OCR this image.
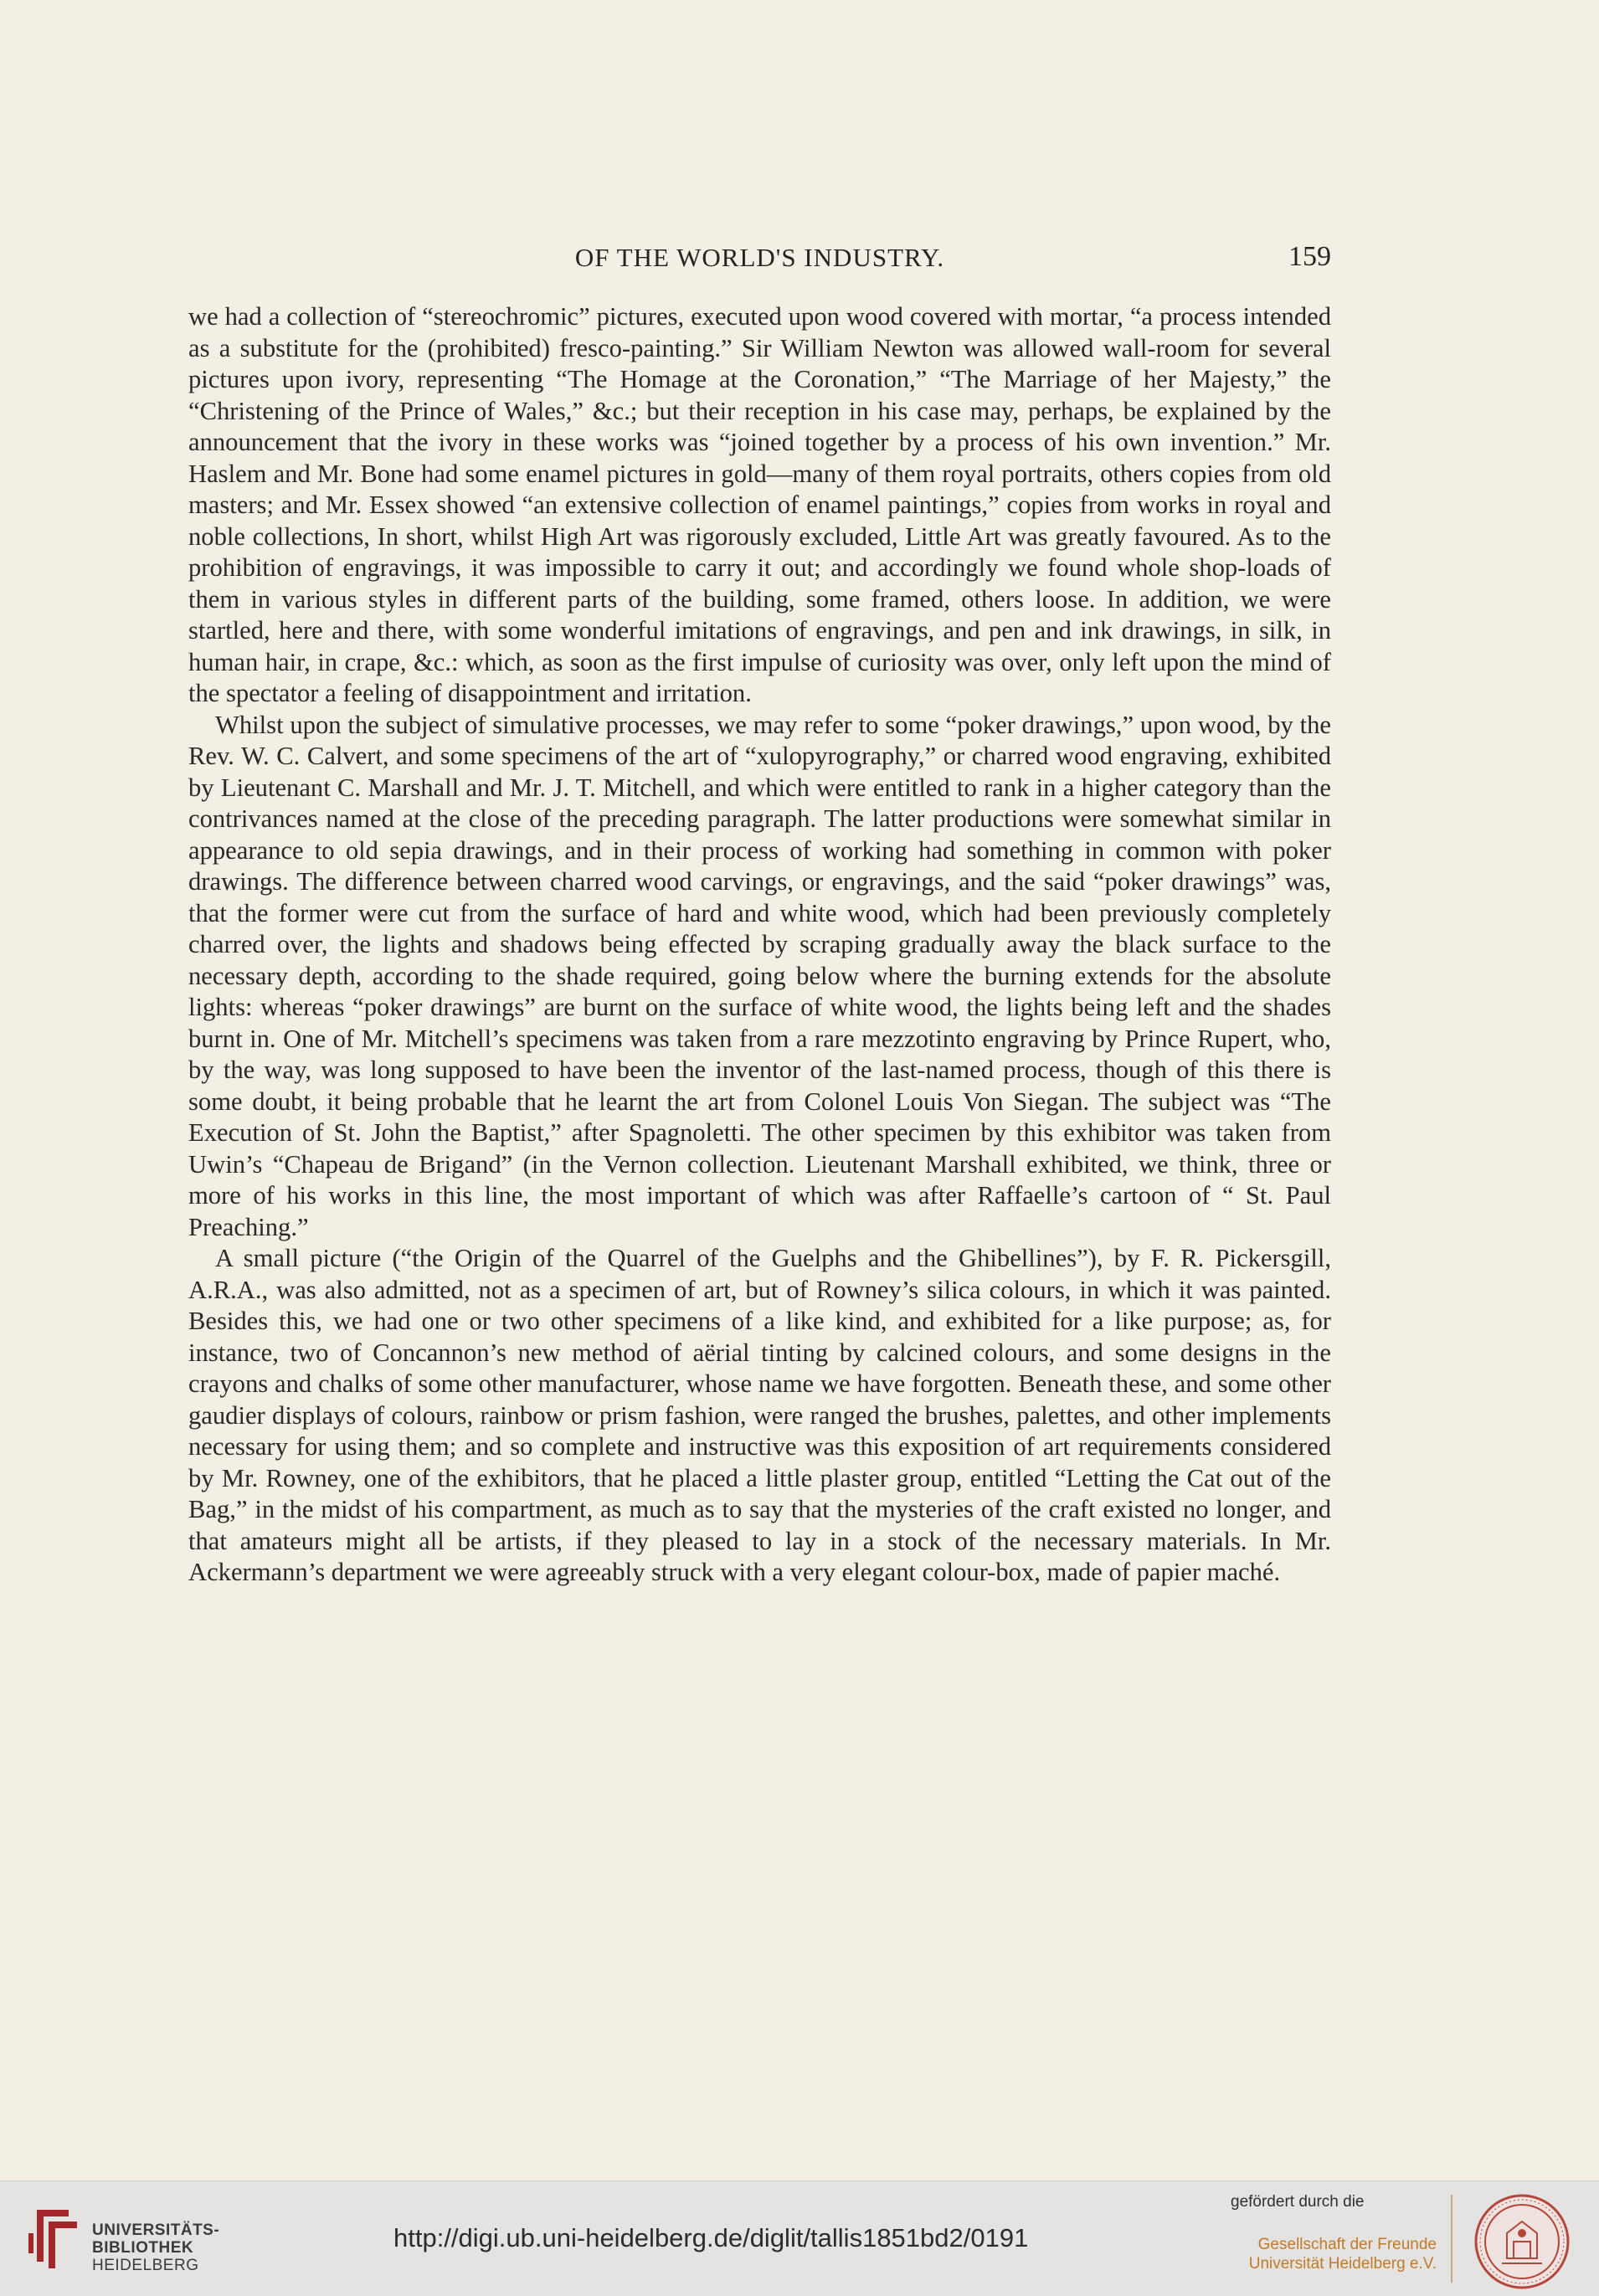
OF THE WORLD'S INDUSTRY.	159

we had a collection of “stereochromic” pictures, executed upon wood covered with mortar, “a process intended as a substitute for the (prohibited) fresco-painting.” Sir William Newton was allowed wall-room for several pictures upon ivory, representing “The Homage at the Coronation,” “The Marriage of her Majesty,” the “Christening of the Prince of Wales,” &c.; but their reception in his case may, perhaps, be explained by the announcement that the ivory in these works was “joined together by a process of his own invention.” Mr. Haslem and Mr. Bone had some enamel pictures in gold—many of them royal portraits, others copies from old masters; and Mr. Essex showed “an extensive collection of enamel paintings,” copies from works in royal and noble collections, In short, whilst High Art was rigorously excluded, Little Art was greatly favoured. As to the prohibition of engravings, it was impossible to carry it out; and accordingly we found whole shop-loads of them in various styles in different parts of the building, some framed, others loose. In addition, we were startled, here and there, with some wonderful imitations of engravings, and pen and ink drawings, in silk, in human hair, in crape, &c.: which, as soon as the first impulse of curiosity was over, only left upon the mind of the spectator a feeling of disappointment and irritation.

Whilst upon the subject of simulative processes, we may refer to some “poker drawings,” upon wood, by the Rev. W. C. Calvert, and some specimens of the art of “xulopyrography,” or charred wood engraving, exhibited by Lieutenant C. Marshall and Mr. J. T. Mitchell, and which were entitled to rank in a higher category than the contrivances named at the close of the preceding paragraph. The latter productions were somewhat similar in appearance to old sepia drawings, and in their process of working had something in common with poker drawings. The difference between charred wood carvings, or engravings, and the said “poker drawings” was, that the former were cut from the surface of hard and white wood, which had been previously completely charred over, the lights and shadows being effected by scraping gradually away the black surface to the necessary depth, according to the shade required, going below where the burning extends for the absolute lights: whereas “poker drawings” are burnt on the surface of white wood, the lights being left and the shades burnt in. One of Mr. Mitchell’s specimens was taken from a rare mezzotinto engraving by Prince Rupert, who, by the way, was long supposed to have been the inventor of the last-named process, though of this there is some doubt, it being probable that he learnt the art from Colonel Louis Von Siegan. The subject was “The Execution of St. John the Baptist,” after Spagnoletti. The other specimen by this exhibitor was taken from Uwin’s “Chapeau de Brigand” (in the Vernon collection. Lieutenant Marshall exhibited, we think, three or more of his works in this line, the most important of which was after Raffaelle’s cartoon of “ St. Paul Preaching.”

A small picture (“the Origin of the Quarrel of the Guelphs and the Ghibellines”), by F. R. Pickersgill, A.R.A., was also admitted, not as a specimen of art, but of Rowney’s silica colours, in which it was painted. Besides this, we had one or two other specimens of a like kind, and exhibited for a like purpose; as, for instance, two of Concannon’s new method of aërial tinting by calcined colours, and some designs in the crayons and chalks of some other manufacturer, whose name we have forgotten. Beneath these, and some other gaudier displays of colours, rainbow or prism fashion, were ranged the brushes, palettes, and other implements necessary for using them; and so complete and instructive was this exposition of art requirements considered by Mr. Rowney, one of the exhibitors, that he placed a little plaster group, entitled “Letting the Cat out of the Bag,” in the midst of his compartment, as much as to say that the mysteries of the craft existed no longer, and that amateurs might all be artists, if they pleased to lay in a stock of the necessary materials. In Mr. Ackermann’s department we were agreeably struck with a very elegant colour-box, made of papier maché.

UNIVERSITÄTS-
BIBLIOTHEK
HEIDELBERG
http://digi.ub.uni-heidelberg.de/diglit/tallis1851bd2/0191
gefördert durch die
Gesellschaft der Freunde
Universität Heidelberg e.V.
